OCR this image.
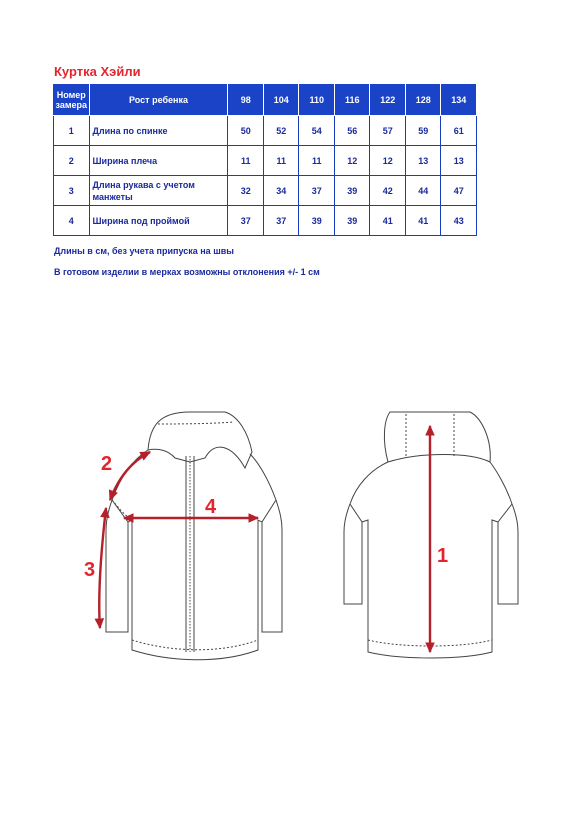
Куртка Хэйли
Номер замера	Рост ребенка	98	104	110	116	122	128	134
1	Длина по спинке	50	52	54	56	57	59	61
2	Ширина плеча	11	11	11	12	12	13	13
3	Длина рукава с учетом манжеты	32	34	37	39	42	44	47
4	Ширина под проймой	37	37	39	39	41	41	43
Длины в см, без учета припуска на швы
В готовом изделии в мерках возможны отклонения +/- 1 см
1
2
3
4
